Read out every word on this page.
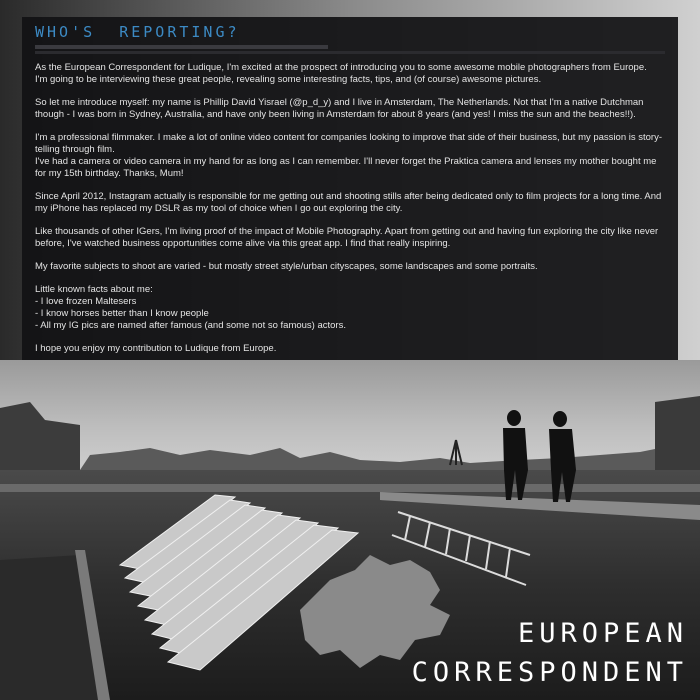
WHO'S  REPORTING?

As the European Correspondent for Ludique, I'm excited at the prospect of introducing you to some awesome mobile photographers from Europe.
I'm going to be interviewing these great people, revealing some interesting facts, tips, and (of course) awesome pictures.

So let me introduce myself: my name is Phillip David Yisrael (@p_d_y) and I live in Amsterdam, The Netherlands. Not that I'm a native Dutchman
though - I was born in Sydney, Australia, and have only been living in Amsterdam for about 8 years (and yes! I miss the sun and the beaches!!).

I'm a professional filmmaker. I make a lot of online video content for companies looking to improve that side of their business, but my passion is story-
telling through film.
I've had a camera or video camera in my hand for as long as I can remember. I'll never forget the Praktica camera and lenses my mother bought me
for my 15th birthday. Thanks, Mum!

Since April 2012, Instagram actually is responsible for me getting out and shooting stills after being dedicated only to film projects for a long time. And
my iPhone has replaced my DSLR as my tool of choice when I go out exploring the city.

Like thousands of other IGers, I'm living proof of the impact of Mobile Photography. Apart from getting out and having fun exploring the city like never
before, I've watched business opportunities come alive via this great app. I find that really inspiring.

My favorite subjects to shoot are varied - but mostly street style/urban cityscapes, some landscapes and some portraits.

Little known facts about me:
- I love frozen Maltesers
- I know horses better than I know people
- All my IG pics are named after famous (and some not so famous) actors.

I hope you enjoy my contribution to Ludique from Europe.

EUROPEAN
CORRESPONDENT
